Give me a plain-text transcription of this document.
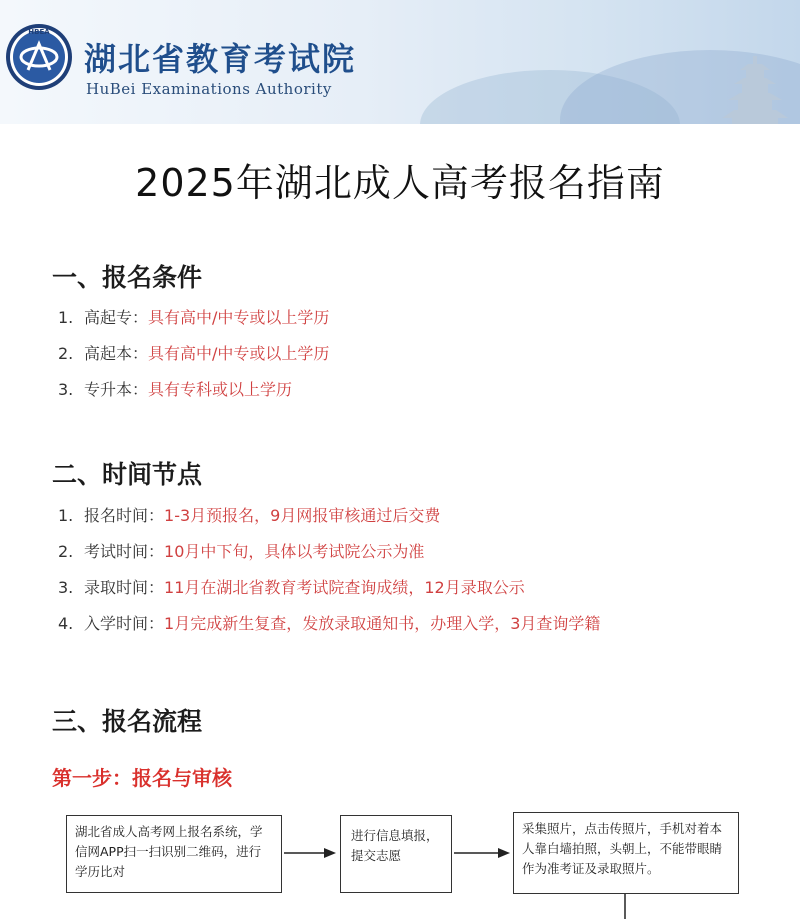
HBEA
湖北省教育考试院
HuBei Examinations Authority
2025年湖北成人高考报名指南
一、报名条件
1. 高起专：具有高中/中专或以上学历
2. 高起本：具有高中/中专或以上学历
3. 专升本：具有专科或以上学历
二、时间节点
1. 报名时间：1-3月预报名，9月网报审核通过后交费
2. 考试时间：10月中下旬，具体以考试院公示为准
3. 录取时间：11月在湖北省教育考试院查询成绩，12月录取公示
4. 入学时间：1月完成新生复查，发放录取通知书，办理入学，3月查询学籍
三、报名流程
第一步：报名与审核
湖北省成人高考网上报名系统，学信网APP扫一扫识别二维码，进行学历比对
进行信息填报，提交志愿
采集照片，点击传照片，手机对着本人靠白墙拍照，头朝上，不能带眼睛作为准考证及录取照片。
